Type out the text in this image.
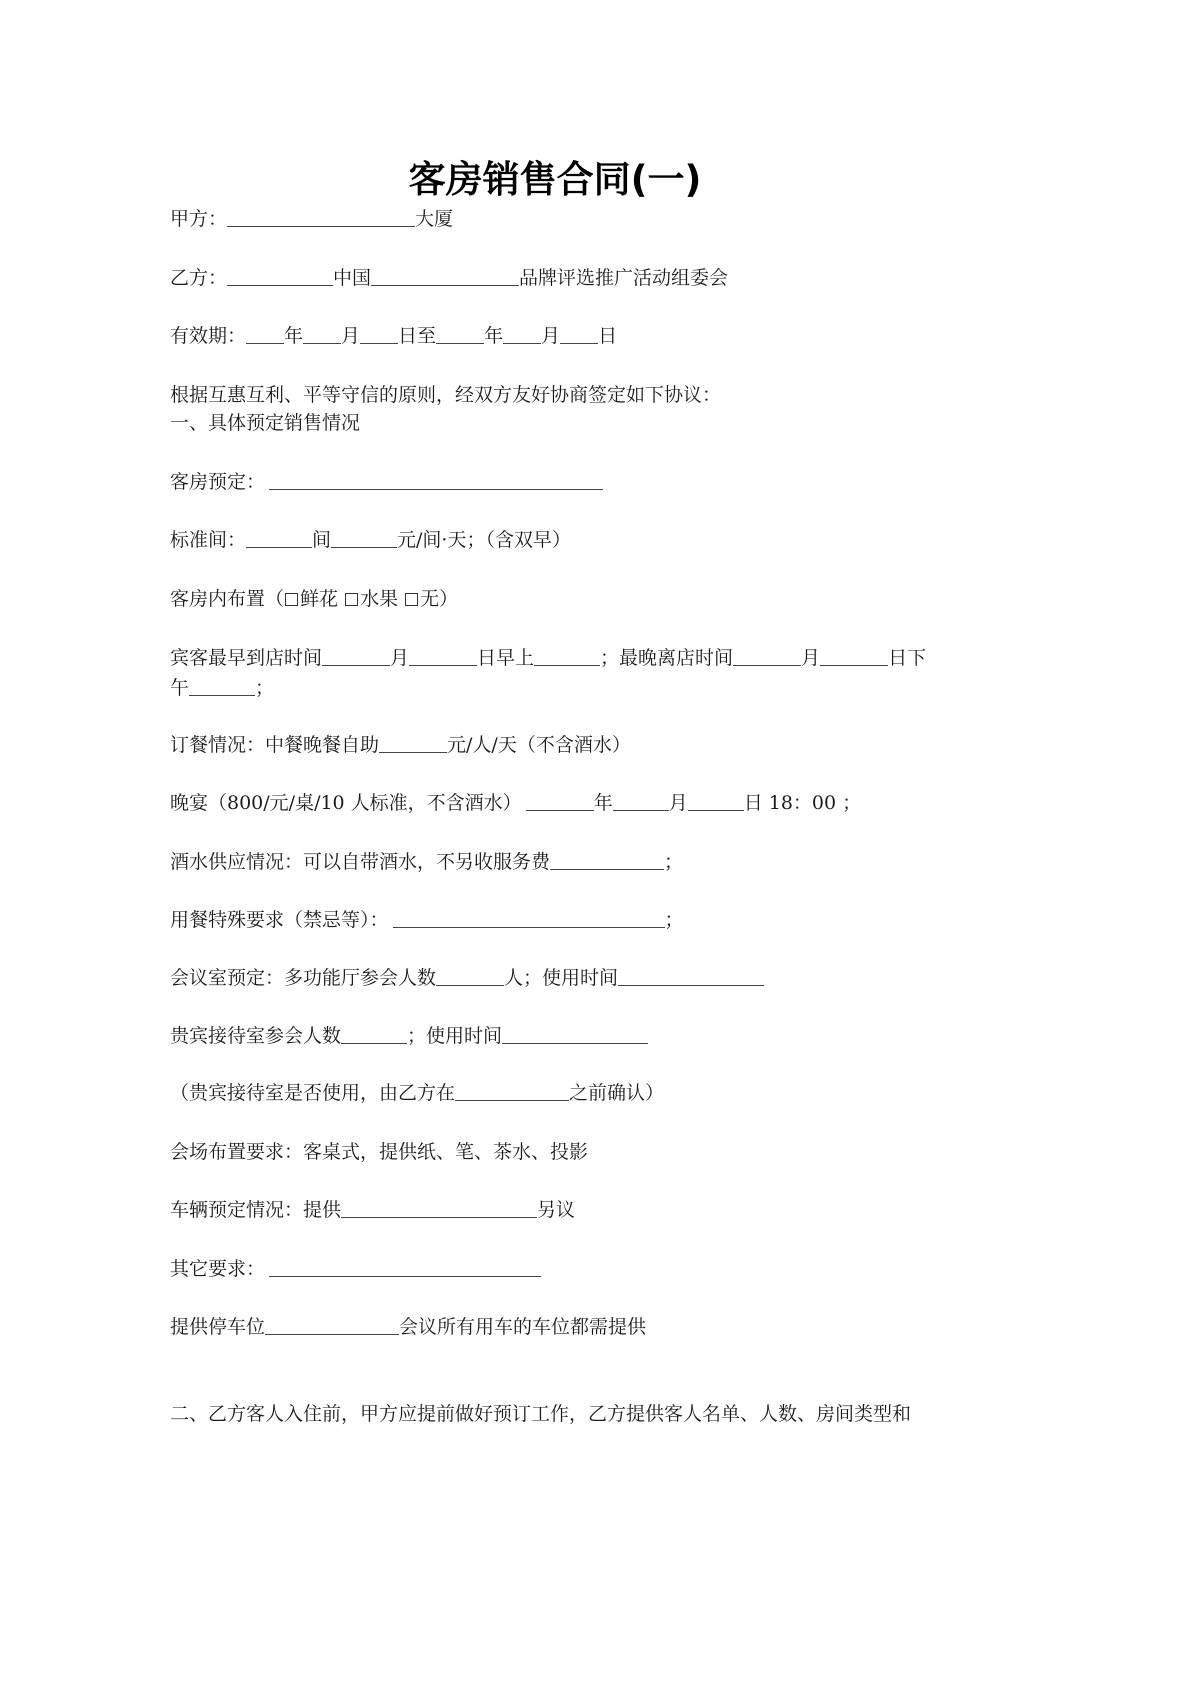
客房销售合同(一)
甲方：	大厦
乙方：	中国	品牌评选推广活动组委会
有效期： 年 月 日至	年 月 日
根据互惠互利、平等守信的原则，经双方友好协商签定如下协议：
一、具体预定销售情况
客房预定：
标准间：	间	元/间·天；（含双早）
客房内布置（ 鲜花 水果 无）
宾客最早到店时间	月	日早上	；最晚离店时间	月	日下
午	；
订餐情况：中餐晚餐自助	元/人/天（不含酒水）
晚宴（800/元/桌/10 人标准，不含酒水）	年	月	日 18：00 ；
酒水供应情况：可以自带酒水，不另收服务费	；
用餐特殊要求（禁忌等）：	；
会议室预定：多功能厅参会人数	人；使用时间
贵宾接待室参会人数	；使用时间
（贵宾接待室是否使用，由乙方在	之前确认）
会场布置要求：客桌式，提供纸、笔、茶水、投影
车辆预定情况：提供	另议
其它要求：
提供停车位	会议所有用车的车位都需提供
二、乙方客人入住前，甲方应提前做好预订工作，乙方提供客人名单、人数、房间类型和
